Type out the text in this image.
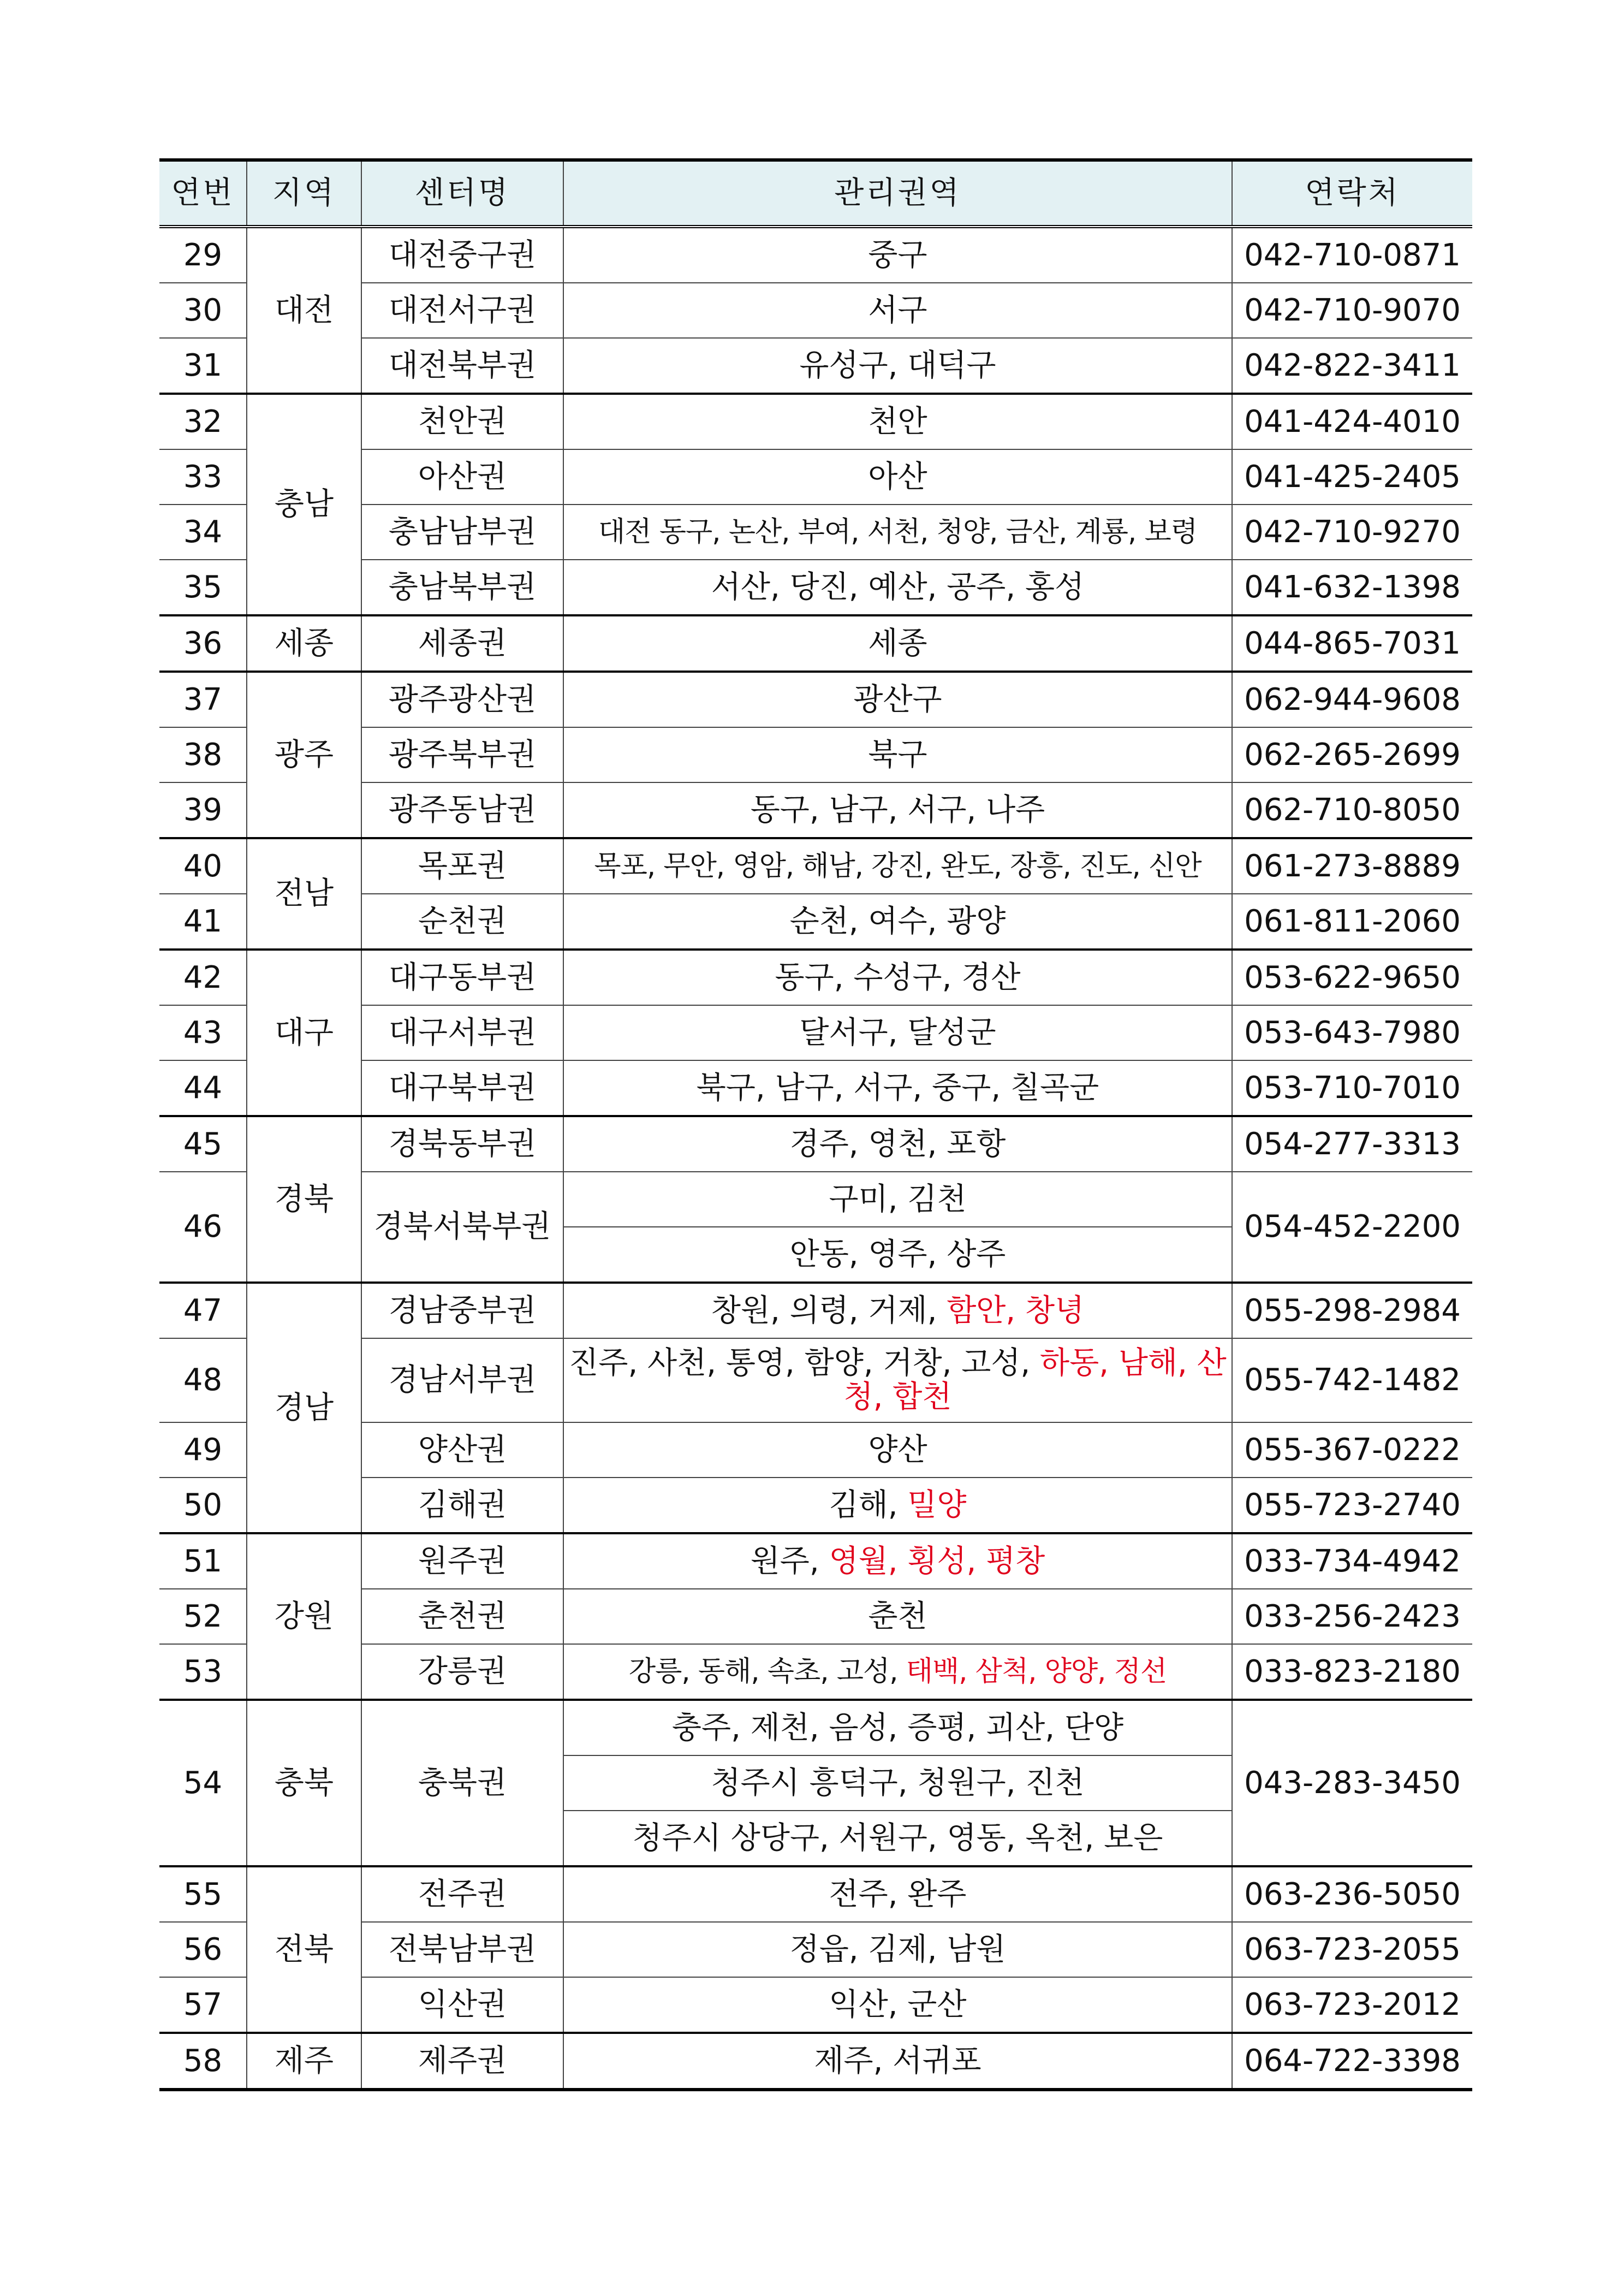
연번	지역	센터명	관리권역	연락처
29	대전	대전중구권	중구	042-710-0871
30		대전서구권	서구	042-710-9070
31		대전북부권	유성구, 대덕구	042-822-3411
32	충남	천안권	천안	041-424-4010
33		아산권	아산	041-425-2405
34		충남남부권	대전 동구, 논산, 부여, 서천, 청양, 금산, 계룡, 보령	042-710-9270
35		충남북부권	서산, 당진, 예산, 공주, 홍성	041-632-1398
36	세종	세종권	세종	044-865-7031
37	광주	광주광산권	광산구	062-944-9608
38		광주북부권	북구	062-265-2699
39		광주동남권	동구, 남구, 서구, 나주	062-710-8050
40	전남	목포권	목포, 무안, 영암, 해남, 강진, 완도, 장흥, 진도, 신안	061-273-8889
41		순천권	순천, 여수, 광양	061-811-2060
42	대구	대구동부권	동구, 수성구, 경산	053-622-9650
43		대구서부권	달서구, 달성군	053-643-7980
44		대구북부권	북구, 남구, 서구, 중구, 칠곡군	053-710-7010
45	경북	경북동부권	경주, 영천, 포항	054-277-3313
46		경북서북부권	구미, 김천	054-452-2200
			안동, 영주, 상주	
47	경남	경남중부권	창원, 의령, 거제, 함안, 창녕	055-298-2984
48		경남서부권	진주, 사천, 통영, 함양, 거창, 고성, 하동, 남해, 산청, 합천	055-742-1482
49		양산권	양산	055-367-0222
50		김해권	김해, 밀양	055-723-2740
51	강원	원주권	원주, 영월, 횡성, 평창	033-734-4942
52		춘천권	춘천	033-256-2423
53		강릉권	강릉, 동해, 속초, 고성, 태백, 삼척, 양양, 정선	033-823-2180
54	충북	충북권	충주, 제천, 음성, 증평, 괴산, 단양	043-283-3450
			청주시 흥덕구, 청원구, 진천	
			청주시 상당구, 서원구, 영동, 옥천, 보은	
55	전북	전주권	전주, 완주	063-236-5050
56		전북남부권	정읍, 김제, 남원	063-723-2055
57		익산권	익산, 군산	063-723-2012
58	제주	제주권	제주, 서귀포	064-722-3398
